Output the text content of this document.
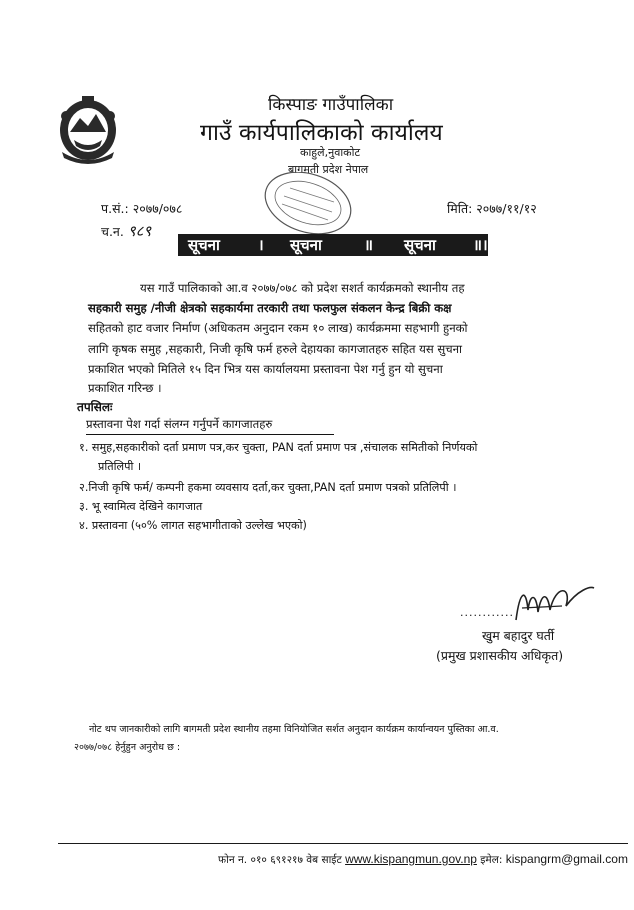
किस्पाङ गाउँपालिका
गाउँ कार्यपालिकाको कार्यालय
काहुले,नुवाकोट
बागमती प्रदेश नेपाल
प.सं.: २०७७/०७८
च.न. ९८९
मिति: २०७७/११/१२
सूचना	। सूचना	॥ सूचना ॥।
यस गाउँ पालिकाको आ.व २०७७/०७८ को प्रदेश सशर्त कार्यक्रमको स्थानीय तह
सहकारी समुह /नीजी क्षेत्रको सहकार्यमा तरकारी तथा फलफुल संकलन केन्द्र बिक्री कक्ष
सहितको हाट वजार निर्माण (अधिकतम अनुदान रकम १० लाख) कार्यक्रममा सहभागी हुनको
लागि कृषक समुह ,सहकारी, निजी कृषि फर्म हरुले देहायका कागजातहरु सहित यस सुचना
प्रकाशित भएको मितिले १५ दिन भित्र यस कार्यालयमा प्रस्तावना पेश गर्नु हुन यो सुचना
प्रकाशित गरिन्छ ।
तपसिलः
प्रस्तावना पेश गर्दा संलग्न गर्नुपर्ने कागजातहरु
१. समुह,सहकारीको दर्ता प्रमाण पत्र,कर चुक्ता, PAN दर्ता प्रमाण पत्र ,संचालक समितीको निर्णयको
प्रतिलिपी ।
२.निजी कृषि फर्म/ कम्पनी हकमा व्यवसाय दर्ता,कर चुक्ता,PAN दर्ता प्रमाण पत्रको प्रतिलिपी ।
३. भू स्वामित्व देखिने कागजात
४. प्रस्तावना (५०% लागत सहभागीताको उल्लेख भएको)
............
खुम बहादुर घर्ती
(प्रमुख प्रशासकीय अधिकृत)
नोट थप जानकारीको लागि बागमती प्रदेश स्थानीय तहमा विनियोजित सर्शत अनुदान कार्यक्रम कार्यान्वयन पुस्तिका आ.व.
२०७७/०७८ हेर्नुहुन अनुरोध छ :
फोन न. ०१० ६९१२१७ वेब साईट www.kispangmun.gov.np इमेल: kispangrm@gmail.com
